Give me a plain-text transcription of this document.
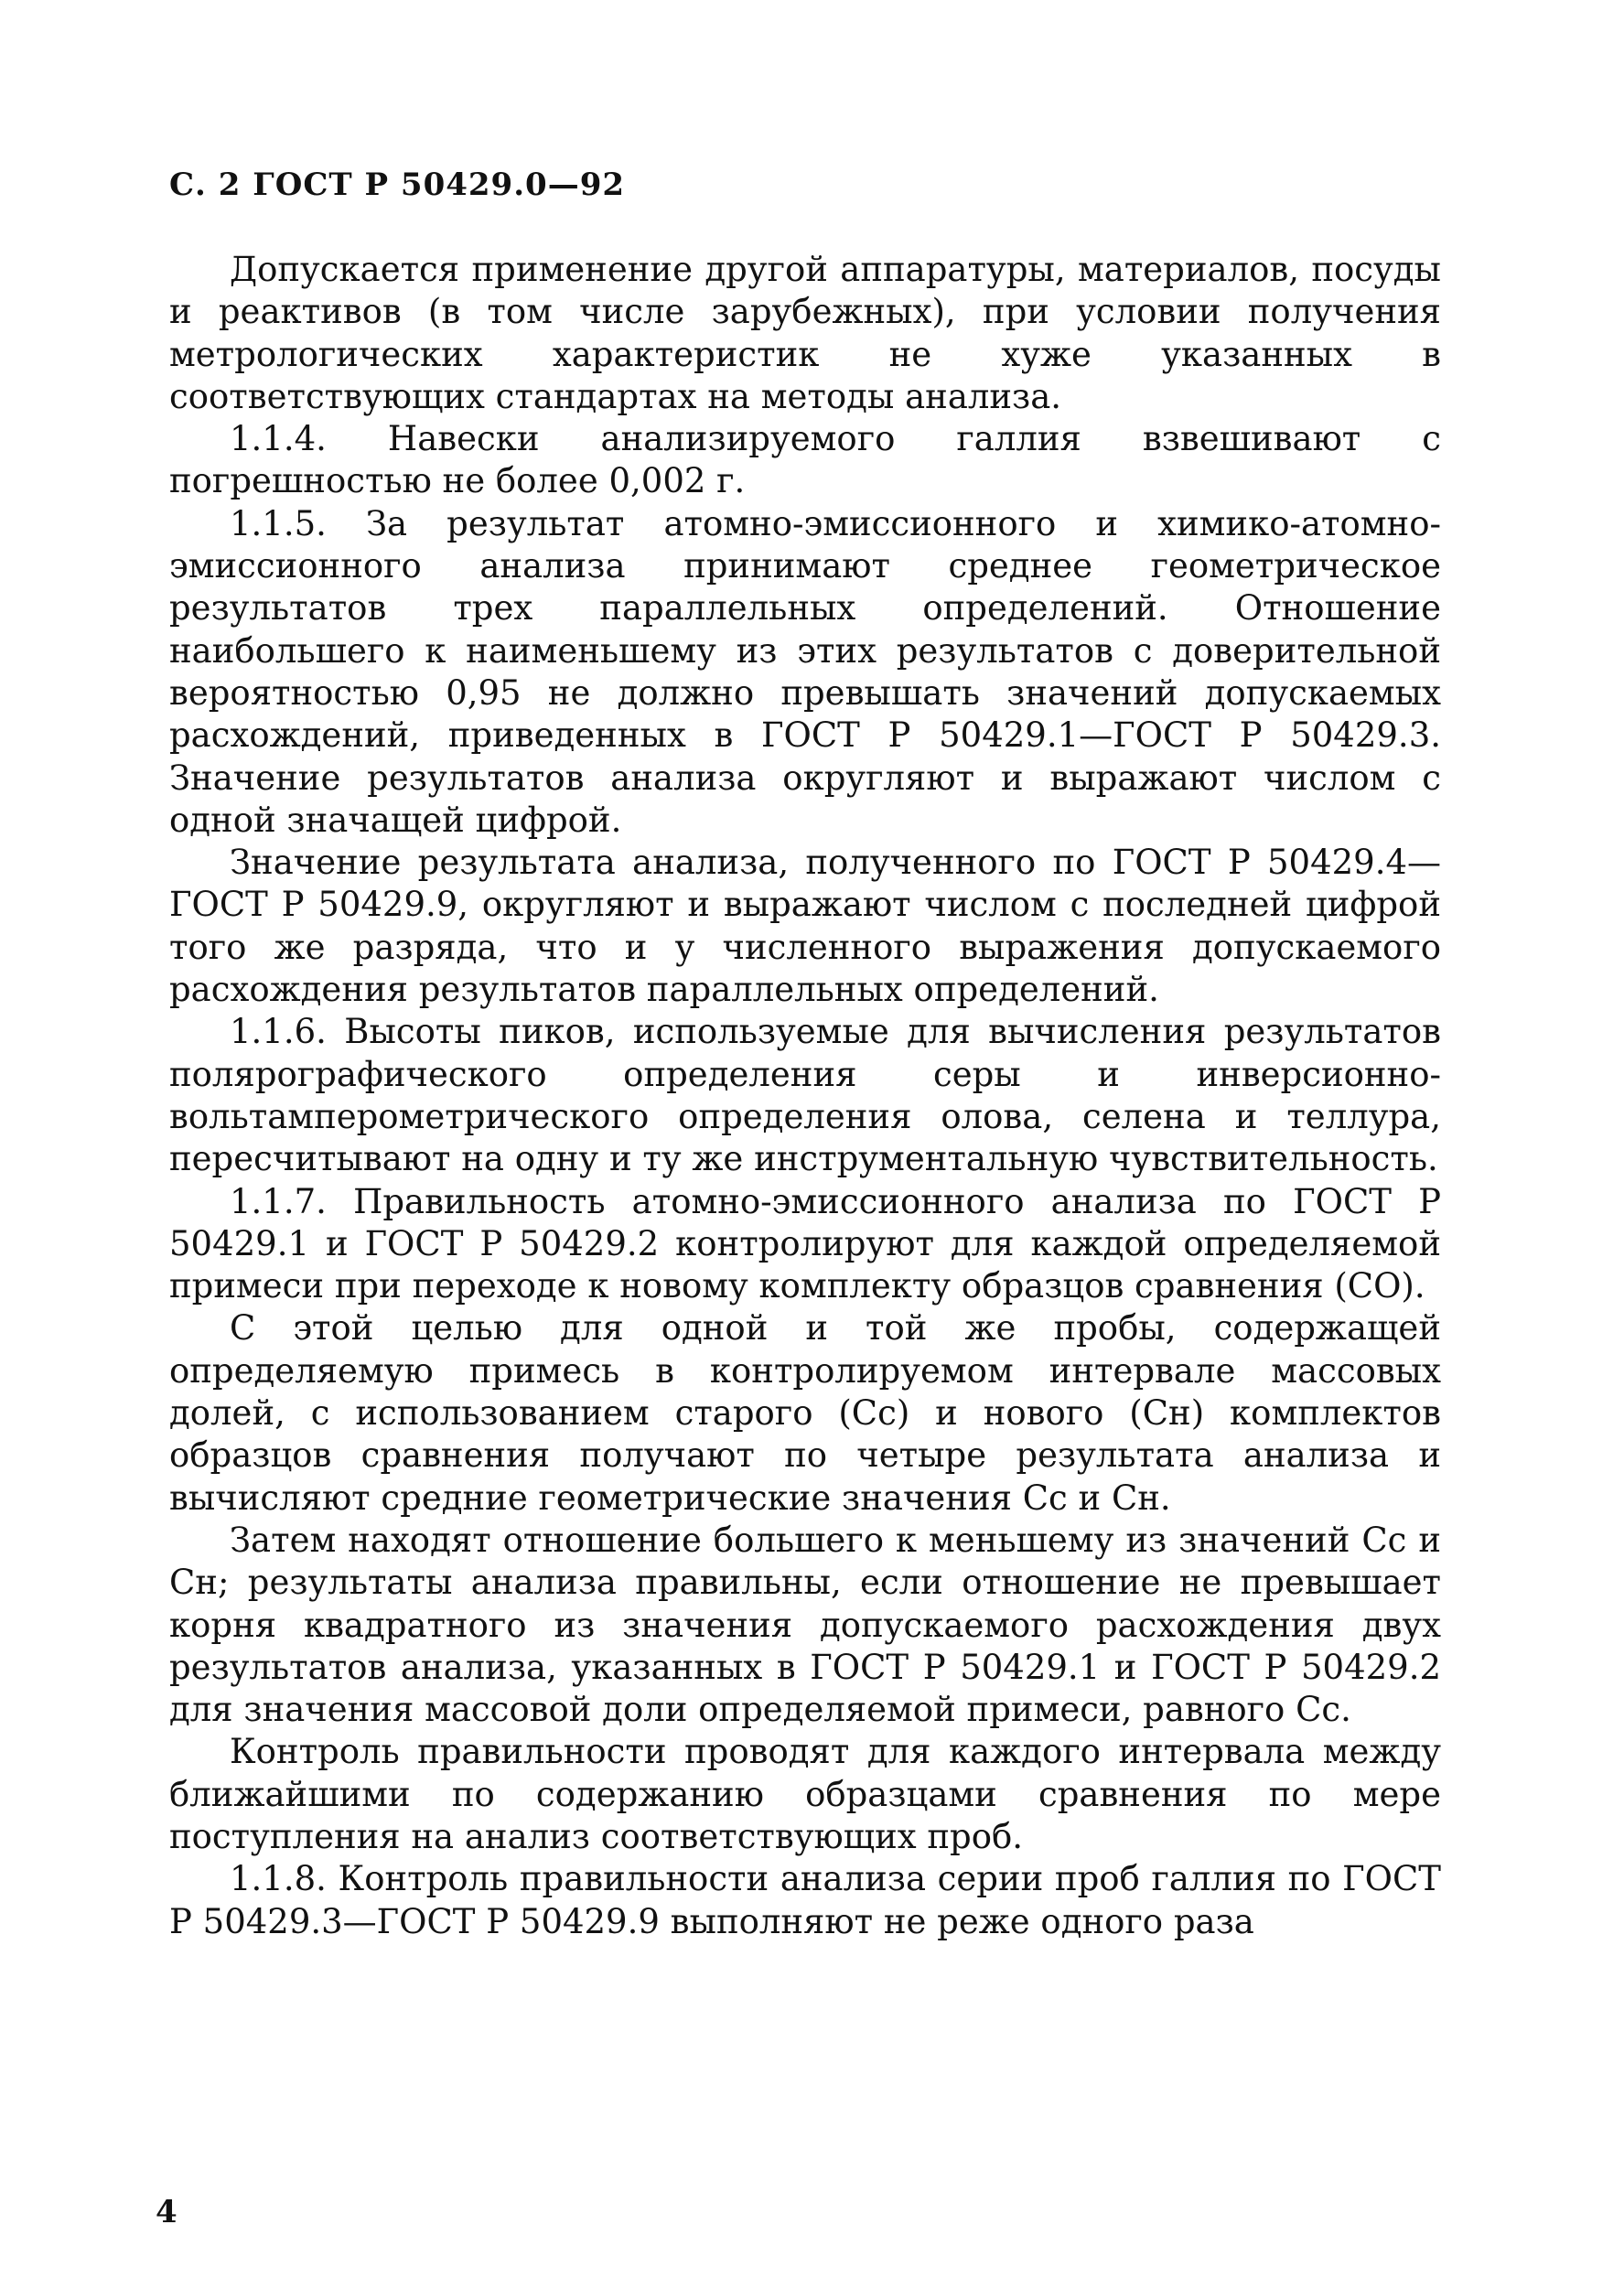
С. 2 ГОСТ Р 50429.0—92

Допускается применение другой аппаратуры, материалов, посуды и реактивов (в том числе зарубежных), при условии получения метрологических характеристик не хуже указанных в соответствующих стандартах на методы анализа.

1.1.4. Навески анализируемого галлия взвешивают с погрешностью не более 0,002 г.

1.1.5. За результат атомно-эмиссионного и химико-атомно-эмиссионного анализа принимают среднее геометрическое результатов трех параллельных определений. Отношение наибольшего к наименьшему из этих результатов с доверительной вероятностью 0,95 не должно превышать значений допускаемых расхождений, приведенных в ГОСТ Р 50429.1—ГОСТ Р 50429.3. Значение результатов анализа округляют и выражают числом с одной значащей цифрой.

Значение результата анализа, полученного по ГОСТ Р 50429.4—ГОСТ Р 50429.9, округляют и выражают числом с последней цифрой того же разряда, что и у численного выражения допускаемого расхождения результатов параллельных определений.

1.1.6. Высоты пиков, используемые для вычисления результатов полярографического определения серы и инверсионно-вольтамперометрического определения олова, селена и теллура, пересчитывают на одну и ту же инструментальную чувствительность.

1.1.7. Правильность атомно-эмиссионного анализа по ГОСТ Р 50429.1 и ГОСТ Р 50429.2 контролируют для каждой определяемой примеси при переходе к новому комплекту образцов сравнения (СО).

С этой целью для одной и той же пробы, содержащей определяемую примесь в контролируемом интервале массовых долей, с использованием старого (Cс) и нового (Cн) комплектов образцов сравнения получают по четыре результата анализа и вычисляют средние геометрические значения Cс и Cн.

Затем находят отношение большего к меньшему из значений Cс и Cн; результаты анализа правильны, если отношение не превышает корня квадратного из значения допускаемого расхождения двух результатов анализа, указанных в ГОСТ Р 50429.1 и ГОСТ Р 50429.2 для значения массовой доли определяемой примеси, равного Cс.

Контроль правильности проводят для каждого интервала между ближайшими по содержанию образцами сравнения по мере поступления на анализ соответствующих проб.

1.1.8. Контроль правильности анализа серии проб галлия по ГОСТ Р 50429.3—ГОСТ Р 50429.9 выполняют не реже одного раза

4
